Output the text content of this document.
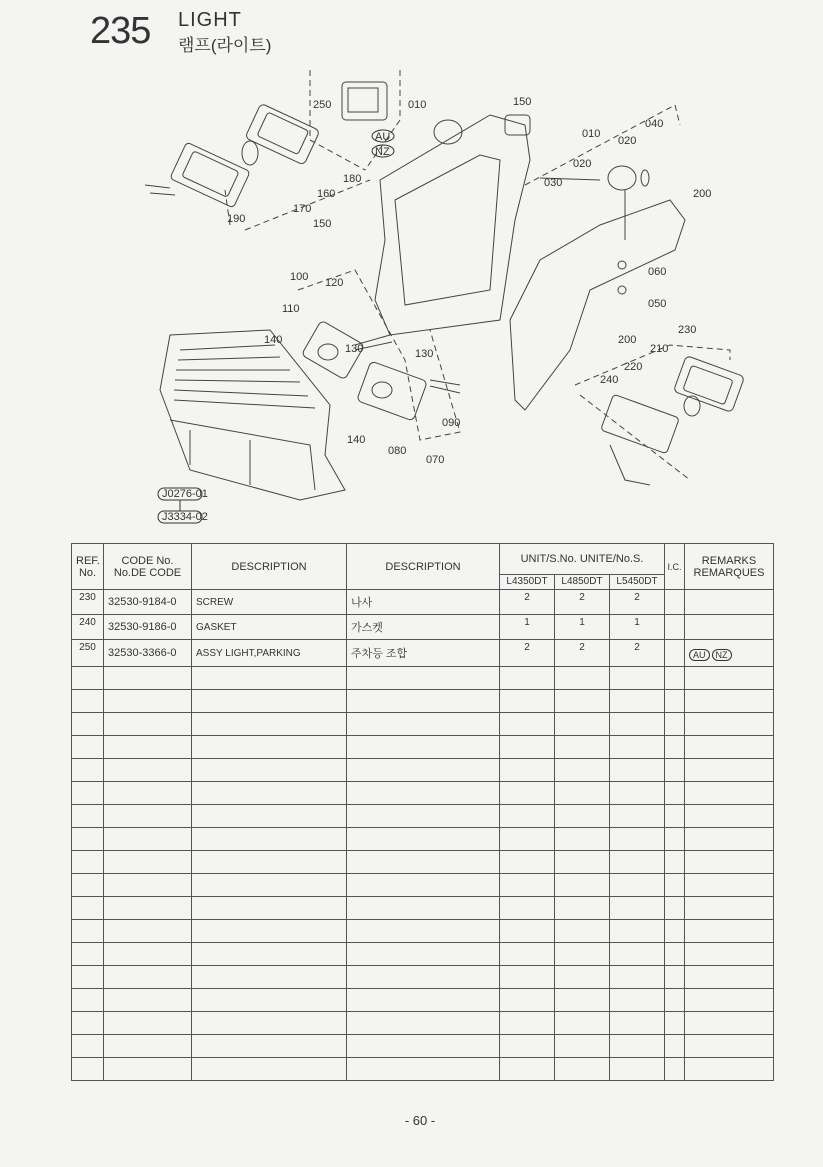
235 LIGHT
램프(라이트)
250	010	150
010
020
040
020
030
200
180
160
170
150
190
100 120
110
140
130	130
060
050
230
200
210
220
240
090
140
080
070
AU
NZ
J0276-01
J3334-02
REF. No.	CODE No. No.DE CODE	DESCRIPTION	DESCRIPTION	UNIT/S.No. UNITE/No.S.			I.C.	REMARKS REMARQUES
				L4350DT	L4850DT	L5450DT		
230	32530-9184-0	SCREW	나사	2	2	2		
240	32530-9186-0	GASKET	가스켓	1	1	1		
250	32530-3366-0	ASSY LIGHT,PARKING	주차등 조합	2	2	2		AU NZ

- 60 -
